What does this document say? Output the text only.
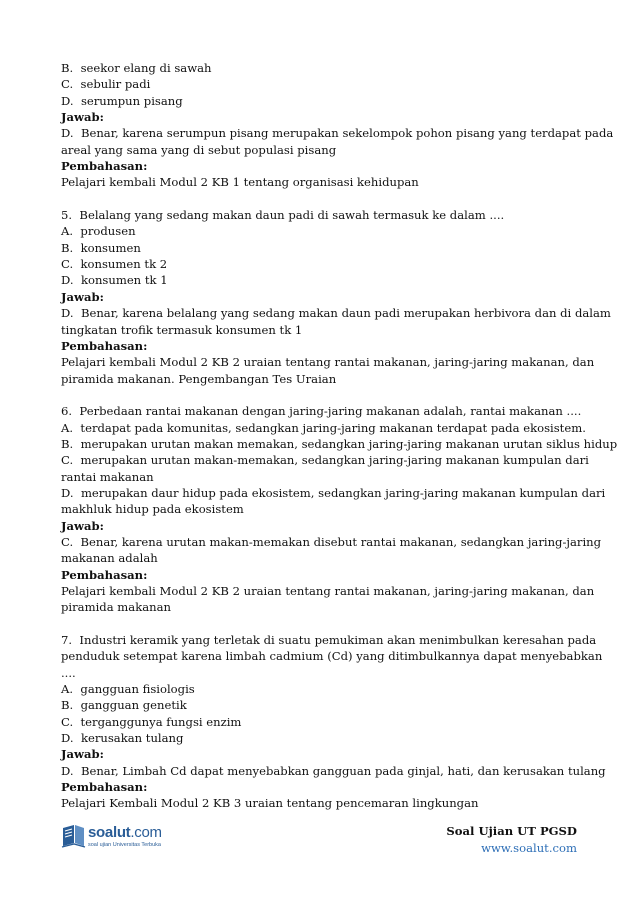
B.  seekor elang di sawah
C.  sebulir padi
D.  serumpun pisang
Jawab:
D.  Benar, karena serumpun pisang merupakan sekelompok pohon pisang yang terdapat pada
areal yang sama yang di sebut populasi pisang
Pembahasan:
Pelajari kembali Modul 2 KB 1 tentang organisasi kehidupan
5.  Belalang yang sedang makan daun padi di sawah termasuk ke dalam ....
A.  produsen
B.  konsumen
C.  konsumen tk 2
D.  konsumen tk 1
Jawab:
D.  Benar, karena belalang yang sedang makan daun padi merupakan herbivora dan di dalam
tingkatan trofik termasuk konsumen tk 1
Pembahasan:
Pelajari kembali Modul 2 KB 2 uraian tentang rantai makanan, jaring-jaring makanan, dan
piramida makanan. Pengembangan Tes Uraian
6.  Perbedaan rantai makanan dengan jaring-jaring makanan adalah, rantai makanan ....
A.  terdapat pada komunitas, sedangkan jaring-jaring makanan terdapat pada ekosistem.
B.  merupakan urutan makan memakan, sedangkan jaring-jaring makanan urutan siklus hidup
C.  merupakan urutan makan-memakan, sedangkan jaring-jaring makanan kumpulan dari
rantai makanan
D.  merupakan daur hidup pada ekosistem, sedangkan jaring-jaring makanan kumpulan dari
makhluk hidup pada ekosistem
Jawab:
C.  Benar, karena urutan makan-memakan disebut rantai makanan, sedangkan jaring-jaring
makanan adalah
Pembahasan:
Pelajari kembali Modul 2 KB 2 uraian tentang rantai makanan, jaring-jaring makanan, dan
piramida makanan
7.  Industri keramik yang terletak di suatu pemukiman akan menimbulkan keresahan pada
penduduk setempat karena limbah cadmium (Cd) yang ditimbulkannya dapat menyebabkan
....
A.  gangguan fisiologis
B.  gangguan genetik
C.  terganggunya fungsi enzim
D.  kerusakan tulang
Jawab:
D.  Benar, Limbah Cd dapat menyebabkan gangguan pada ginjal, hati, dan kerusakan tulang
Pembahasan:
Pelajari Kembali Modul 2 KB 3 uraian tentang pencemaran lingkungan
soalut.com
soal ujian Universitas Terbuka
Soal Ujian UT PGSD
www.soalut.com
